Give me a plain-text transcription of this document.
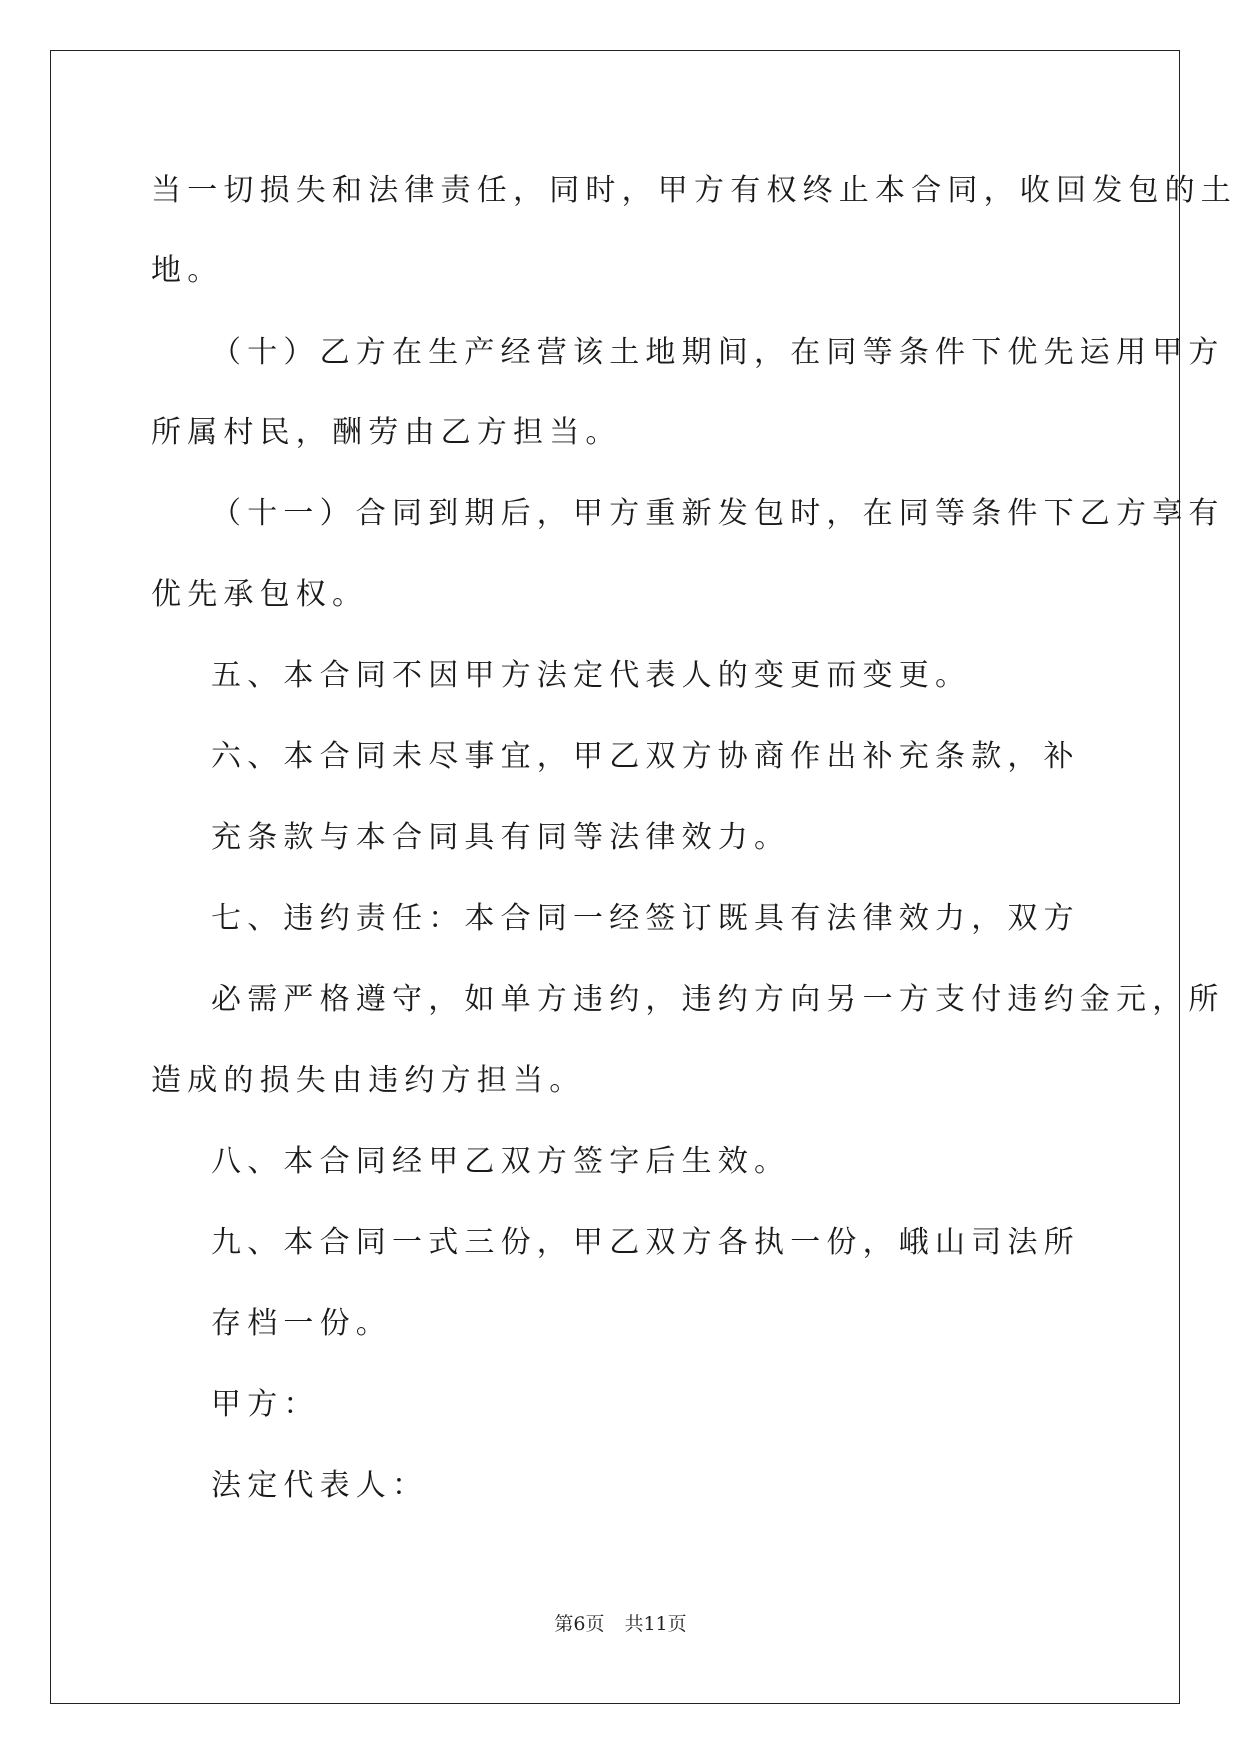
当一切损失和法律责任，同时，甲方有权终止本合同，收回发包的土
地。
（十）乙方在生产经营该土地期间，在同等条件下优先运用甲方
所属村民，酬劳由乙方担当。
（十一）合同到期后，甲方重新发包时，在同等条件下乙方享有
优先承包权。
五、本合同不因甲方法定代表人的变更而变更。
六、本合同未尽事宜，甲乙双方协商作出补充条款，补
充条款与本合同具有同等法律效力。
七、违约责任：本合同一经签订既具有法律效力，双方
必需严格遵守，如单方违约，违约方向另一方支付违约金元，所
造成的损失由违约方担当。
八、本合同经甲乙双方签字后生效。
九、本合同一式三份，甲乙双方各执一份，峨山司法所
存档一份。
甲方：
法定代表人：
第6页 共11页
